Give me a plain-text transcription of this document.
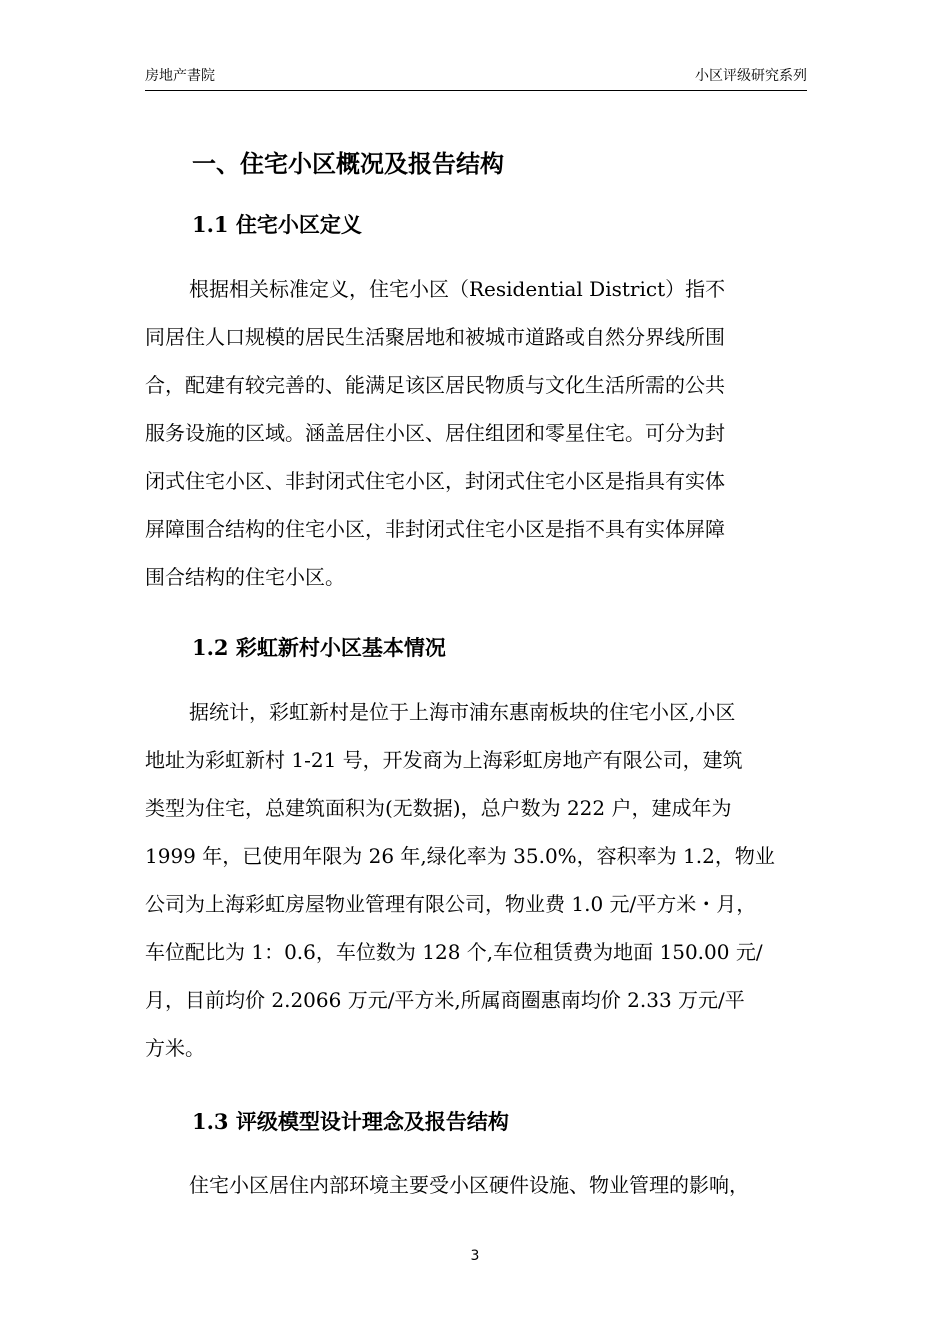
房地产書院	小区评级研究系列
一、住宅小区概况及报告结构
1.1 住宅小区定义
根据相关标准定义，住宅小区（Residential District）指不
同居住人口规模的居民生活聚居地和被城市道路或自然分界线所围
合，配建有较完善的、能满足该区居民物质与文化生活所需的公共
服务设施的区域。涵盖居住小区、居住组团和零星住宅。可分为封
闭式住宅小区、非封闭式住宅小区，封闭式住宅小区是指具有实体
屏障围合结构的住宅小区，非封闭式住宅小区是指不具有实体屏障
围合结构的住宅小区。
1.2 彩虹新村小区基本情况
据统计，彩虹新村是位于上海市浦东惠南板块的住宅小区,小区
地址为彩虹新村 1-21 号，开发商为上海彩虹房地产有限公司，建筑
类型为住宅，总建筑面积为(无数据)，总户数为 222 户，建成年为
1999 年，已使用年限为 26 年,绿化率为 35.0%，容积率为 1.2，物业
公司为上海彩虹房屋物业管理有限公司，物业费 1.0 元/平方米・月，
车位配比为 1：0.6，车位数为 128 个,车位租赁费为地面 150.00 元/
月，目前均价 2.2066 万元/平方米,所属商圈惠南均价 2.33 万元/平
方米。
1.3 评级模型设计理念及报告结构
住宅小区居住内部环境主要受小区硬件设施、物业管理的影响，
3
